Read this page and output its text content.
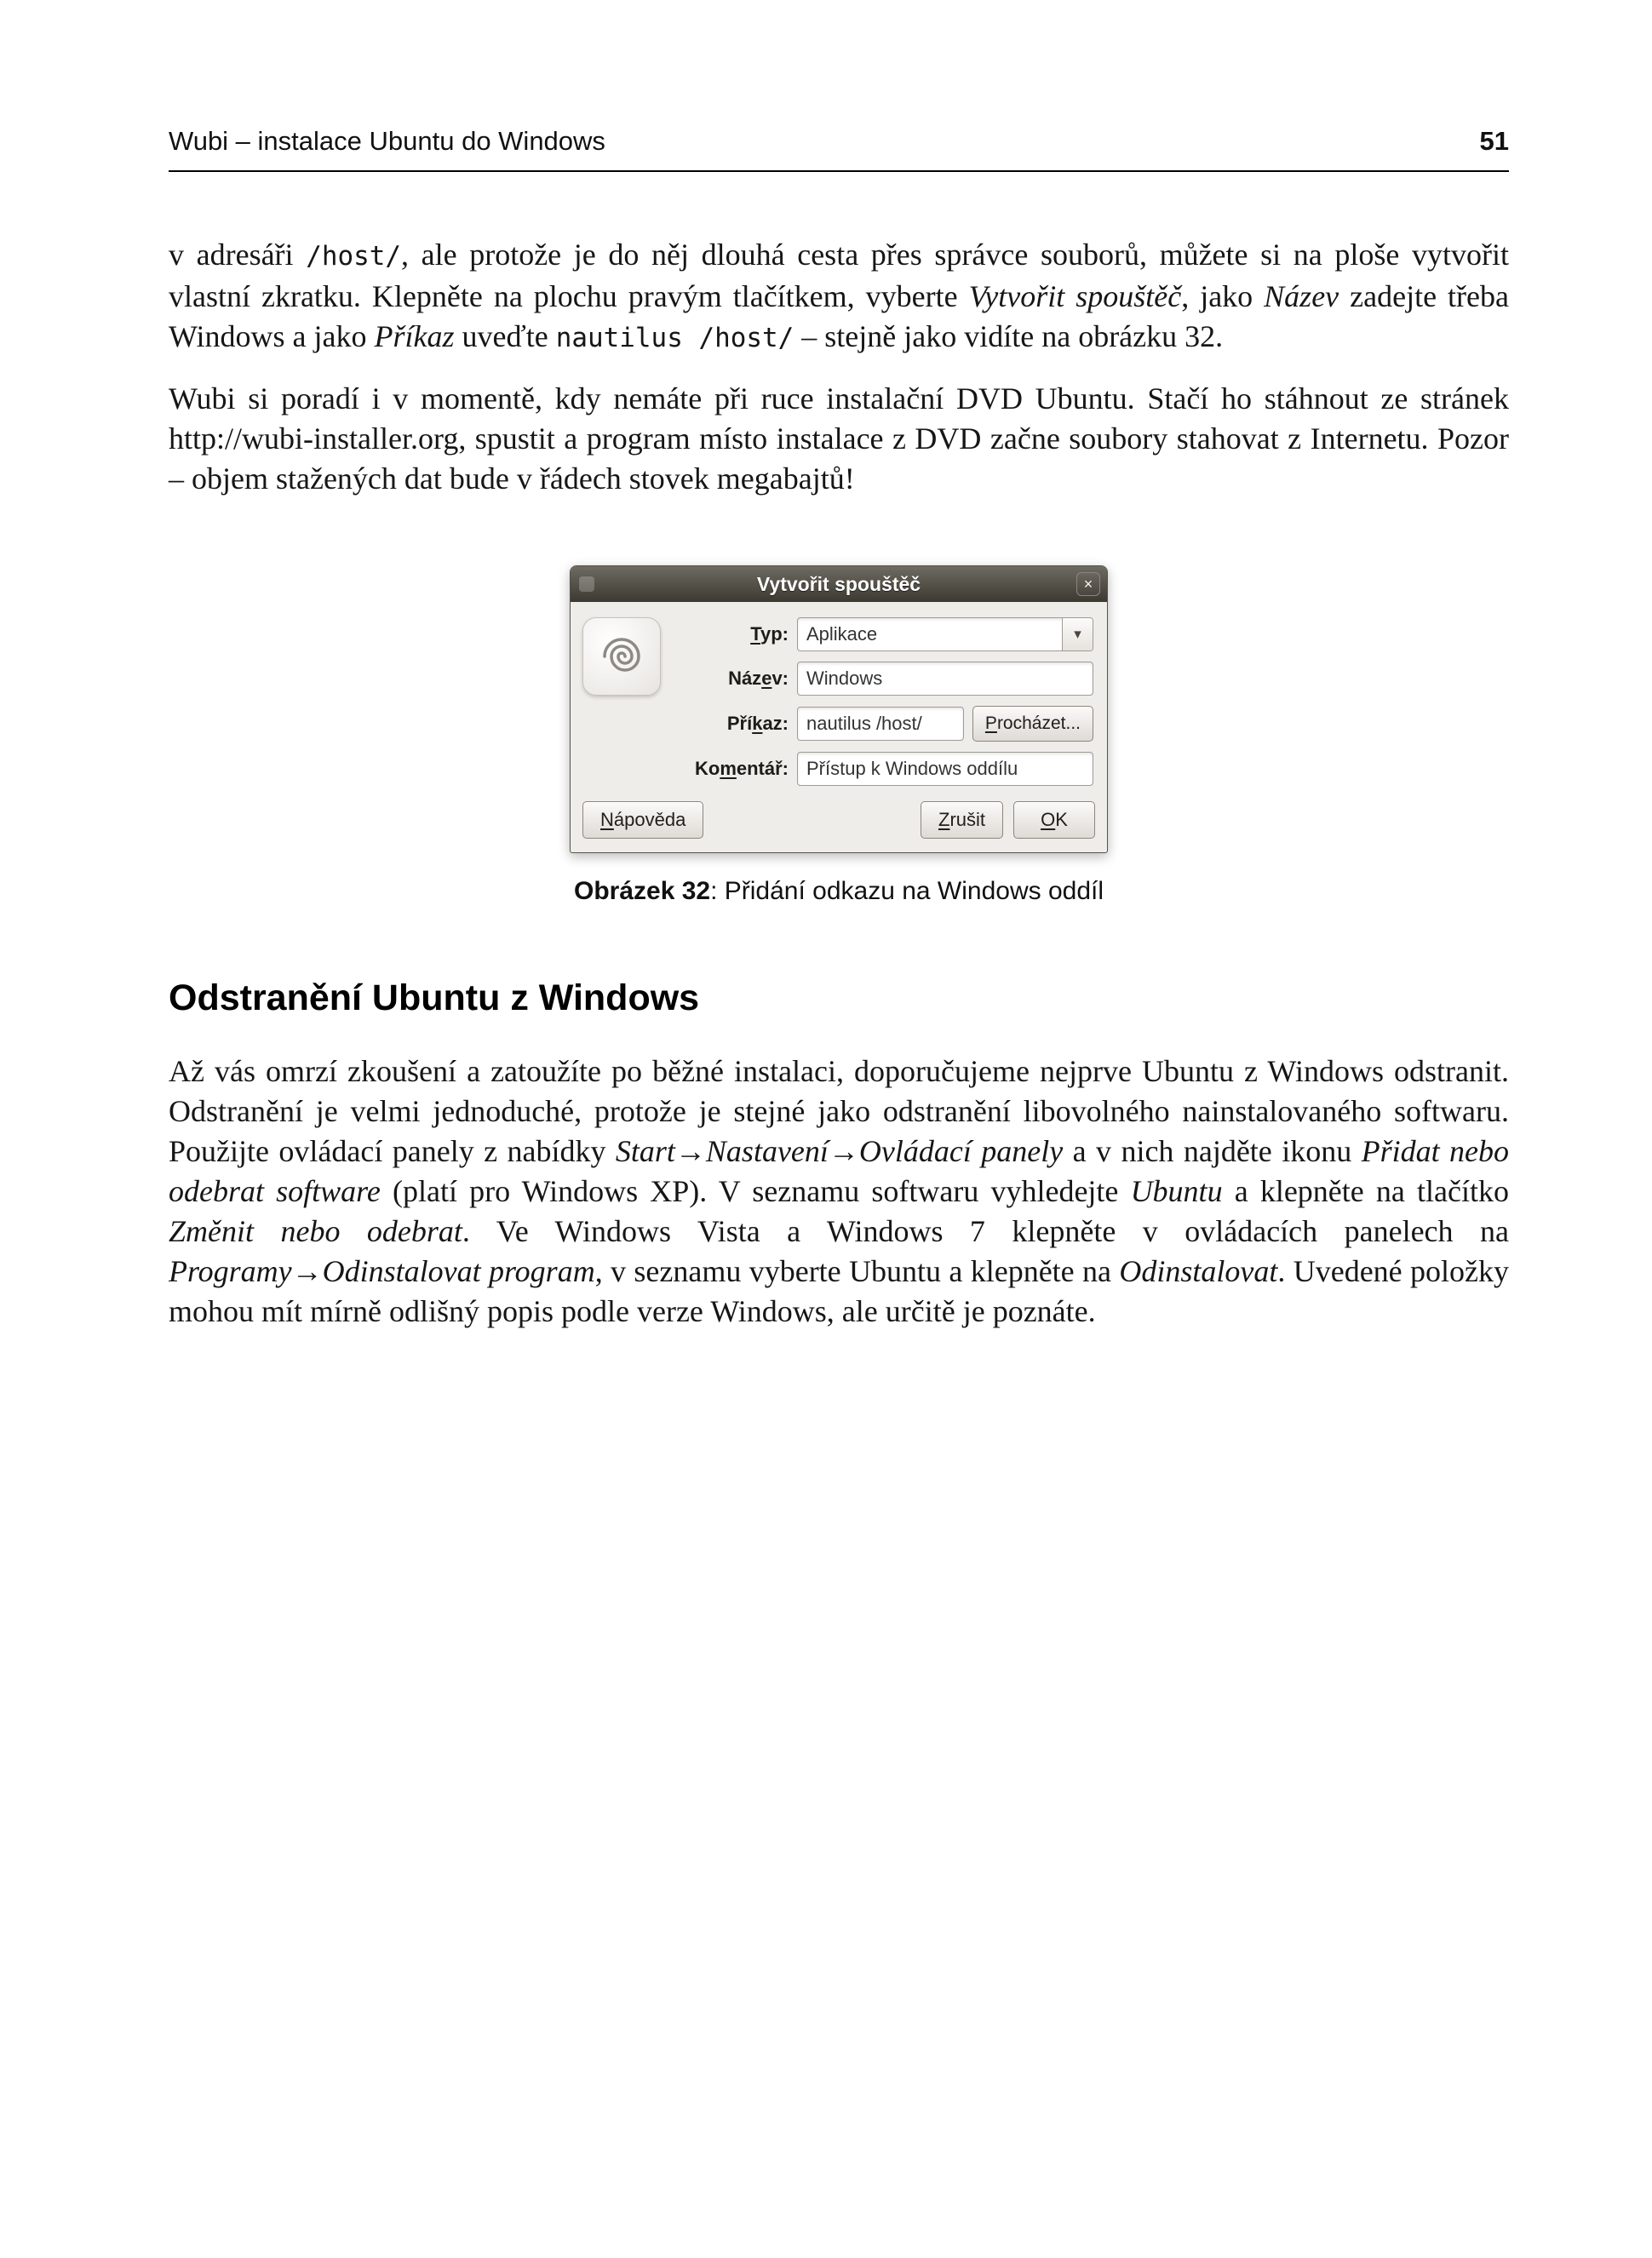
Wubi – instalace Ubuntu do Windows	51

v adresáři /host/, ale protože je do něj dlouhá cesta přes správce souborů, můžete si na ploše vytvořit vlastní zkratku. Klepněte na plochu pravým tlačítkem, vyberte Vytvořit spouštěč, jako Název zadejte třeba Windows a jako Příkaz uveďte nautilus /host/ – stejně jako vidíte na obrázku 32.

Wubi si poradí i v momentě, kdy nemáte při ruce instalační DVD Ubuntu. Stačí ho stáhnout ze stránek http://wubi-installer.org, spustit a program místo instalace z DVD začne soubory stahovat z Internetu. Pozor – objem stažených dat bude v řádech stovek megabajtů!

Vytvořit spouštěč	×
Typ: Aplikace	▾
Název: Windows
Příkaz: nautilus /host/	Procházet...
Komentář: Přístup k Windows oddílu
Nápověda	Zrušit	OK
Obrázek 32: Přidání odkazu na Windows oddíl
Odstranění Ubuntu z Windows

Až vás omrzí zkoušení a zatoužíte po běžné instalaci, doporučujeme nejprve Ubuntu z Windows odstranit. Odstranění je velmi jednoduché, protože je stejné jako odstranění libovolného nainstalovaného softwaru. Použijte ovládací panely z nabídky Start→Nastavení→Ovládací panely a v nich najděte ikonu Přidat nebo odebrat software (platí pro Windows XP). V seznamu softwaru vyhledejte Ubuntu a klepněte na tlačítko Změnit nebo odebrat. Ve Windows Vista a Windows 7 klepněte v ovládacích panelech na Programy→Odinstalovat program, v seznamu vyberte Ubuntu a klepněte na Odinstalovat. Uvedené položky mohou mít mírně odlišný popis podle verze Windows, ale určitě je poznáte.
